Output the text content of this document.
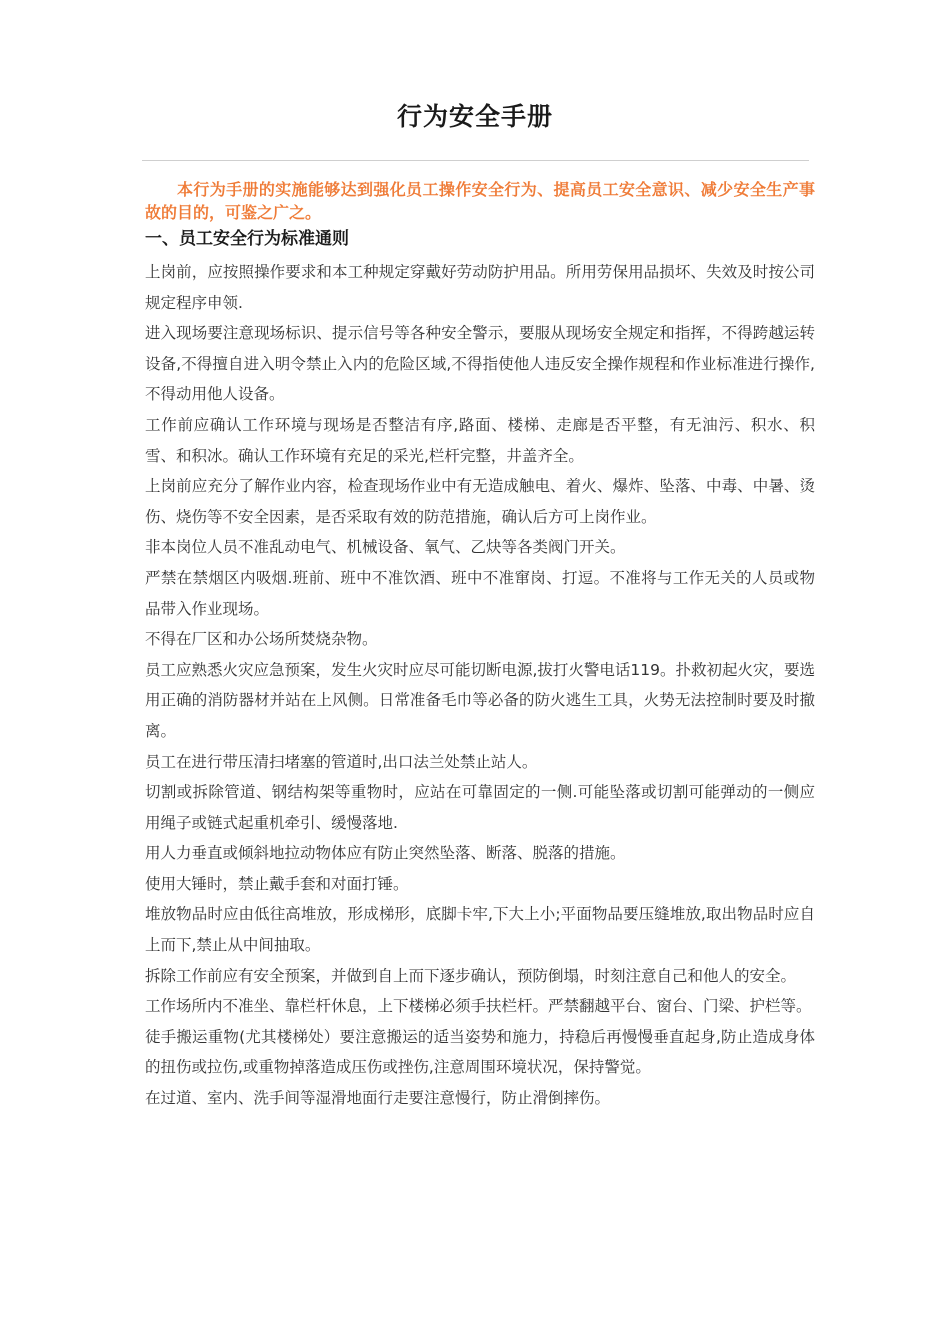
行为安全手册

本行为手册的实施能够达到强化员工操作安全行为、提高员工安全意识、减少安全生产事故的目的，可鉴之广之。

一、员工安全行为标准通则

上岗前，应按照操作要求和本工种规定穿戴好劳动防护用品。所用劳保用品损坏、失效及时按公司规定程序申领.

进入现场要注意现场标识、提示信号等各种安全警示，要服从现场安全规定和指挥，不得跨越运转设备,不得擅自进入明令禁止入内的危险区域,不得指使他人违反安全操作规程和作业标准进行操作,不得动用他人设备。

工作前应确认工作环境与现场是否整洁有序,路面、楼梯、走廊是否平整，有无油污、积水、积雪、和积冰。确认工作环境有充足的采光,栏杆完整，井盖齐全。

上岗前应充分了解作业内容，检查现场作业中有无造成触电、着火、爆炸、坠落、中毒、中暑、烫伤、烧伤等不安全因素，是否采取有效的防范措施，确认后方可上岗作业。

非本岗位人员不准乱动电气、机械设备、氧气、乙炔等各类阀门开关。

严禁在禁烟区内吸烟.班前、班中不准饮酒、班中不准窜岗、打逗。不准将与工作无关的人员或物品带入作业现场。

不得在厂区和办公场所焚烧杂物。

员工应熟悉火灾应急预案，发生火灾时应尽可能切断电源,拔打火警电话119。扑救初起火灾，要选用正确的消防器材并站在上风侧。日常准备毛巾等必备的防火逃生工具，火势无法控制时要及时撤离。

员工在进行带压清扫堵塞的管道时,出口法兰处禁止站人。

切割或拆除管道、钢结构架等重物时，应站在可靠固定的一侧.可能坠落或切割可能弹动的一侧应用绳子或链式起重机牵引、缓慢落地.

用人力垂直或倾斜地拉动物体应有防止突然坠落、断落、脱落的措施。

使用大锤时，禁止戴手套和对面打锤。

堆放物品时应由低往高堆放，形成梯形，底脚卡牢,下大上小;平面物品要压缝堆放,取出物品时应自上而下,禁止从中间抽取。

拆除工作前应有安全预案，并做到自上而下逐步确认，预防倒塌，时刻注意自己和他人的安全。

工作场所内不准坐、靠栏杆休息，上下楼梯必须手扶栏杆。严禁翻越平台、窗台、门梁、护栏等。

徒手搬运重物(尤其楼梯处）要注意搬运的适当姿势和施力，持稳后再慢慢垂直起身,防止造成身体的扭伤或拉伤,或重物掉落造成压伤或挫伤,注意周围环境状况，保持警觉。

在过道、室内、洗手间等湿滑地面行走要注意慢行，防止滑倒摔伤。
